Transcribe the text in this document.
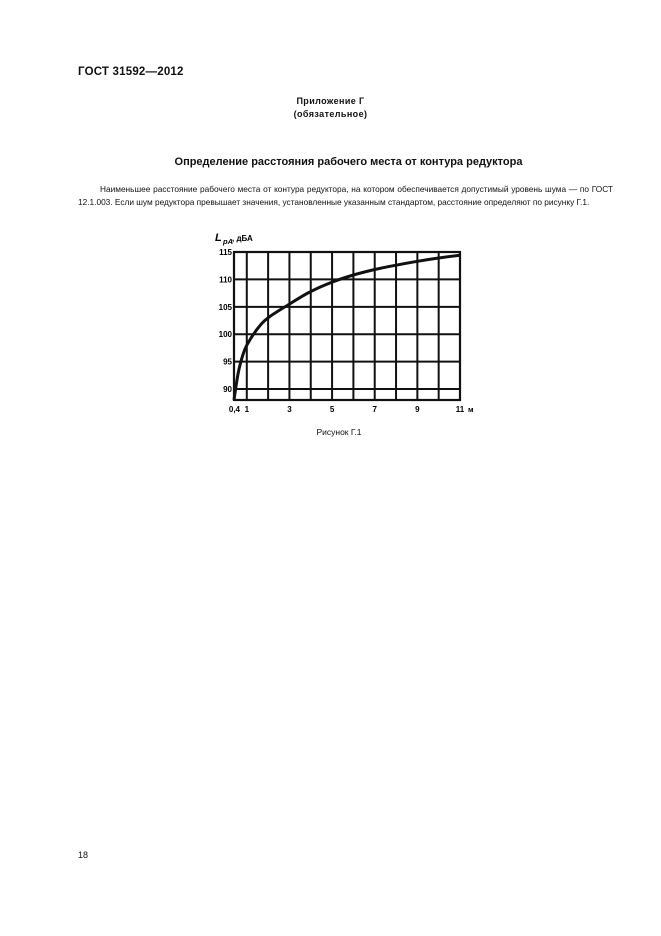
ГОСТ 31592—2012
Приложение Г
(обязательное)
Определение расстояния рабочего места от контура редуктора

Наименьшее расстояние рабочего места от контура редуктора, на котором обеспечивается допустимый уровень шума — по ГОСТ 12.1.003. Если шум редуктора превышает значения, установленные указанным стандартом, расстояние определяют по рисунку Г.1.

90
95
100
105
110
115
0,4 1	3	5	7	9	11
L pA , дБА
м
Рисунок Г.1
18
